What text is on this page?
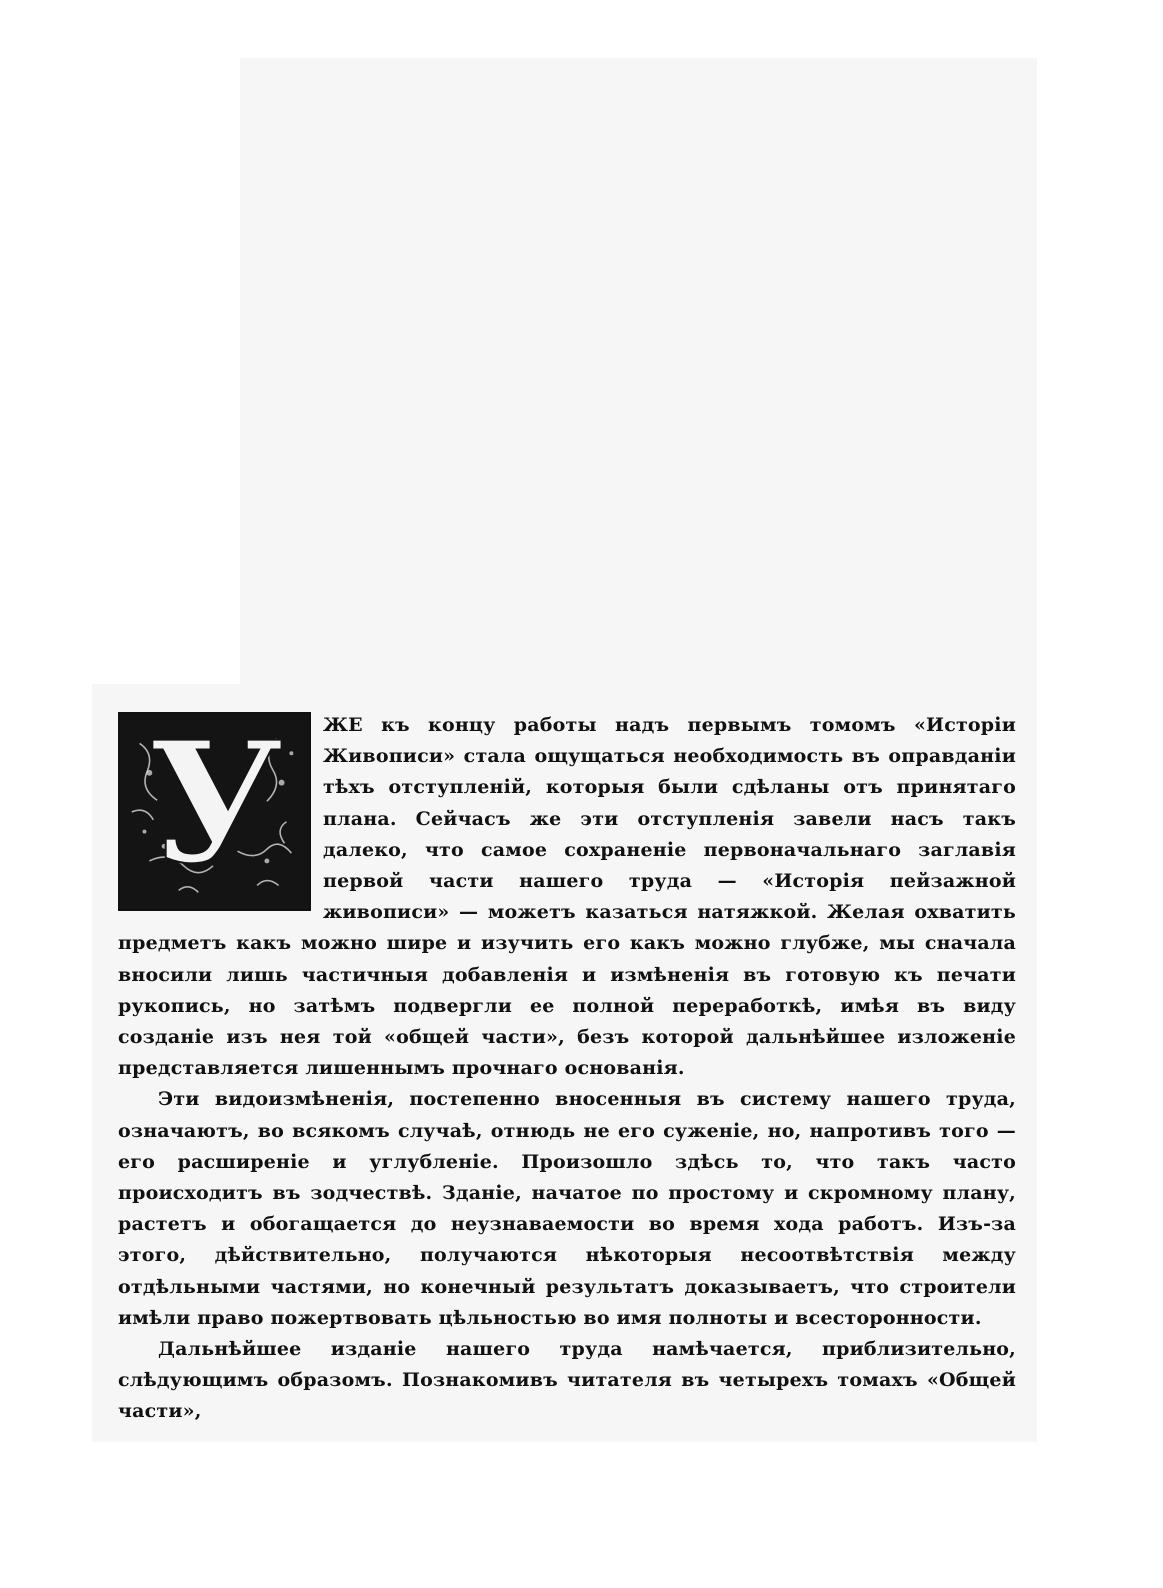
У	ЖЕ къ концу работы надъ первымъ томомъ «Исторіи Живописи» стала ощущаться необходимость въ оправданіи тѣхъ отступленій, которыя были сдѣланы отъ принятаго плана. Сейчасъ же эти отступленія завели насъ такъ далеко, что самое сохраненіе первоначальнаго заглавія первой части нашего труда — «Исторія пейзажной живописи» — можетъ казаться натяжкой. Желая охватить предметъ какъ можно шире и изучить его какъ можно глубже, мы сначала вносили лишь частичныя добавленія и измѣненія въ готовую къ печати рукопись, но затѣмъ подвергли ее полной переработкѣ, имѣя въ виду созданіе изъ нея той «общей части», безъ которой дальнѣйшее изложеніе представляется лишеннымъ прочнаго основанія.

Эти видоизмѣненія, постепенно вносенныя въ систему нашего труда, означаютъ, во всякомъ случаѣ, отнюдь не его суженіе, но, напротивъ того — его расширеніе и углубленіе. Произошло здѣсь то, что такъ часто происходитъ въ зодчествѣ. Зданіе, начатое по простому и скромному плану, растетъ и обогащается до неузнаваемости во время хода работъ. Изъ-за этого, дѣйствительно, получаются нѣкоторыя несоотвѣтствія между отдѣльными частями, но конечный результатъ доказываетъ, что строители имѣли право пожертвовать цѣльностью во имя полноты и всесторонности.

Дальнѣйшее изданіе нашего труда намѣчается, приблизительно, слѣдующимъ образомъ. Познакомивъ читателя въ четырехъ томахъ «Общей части»,
